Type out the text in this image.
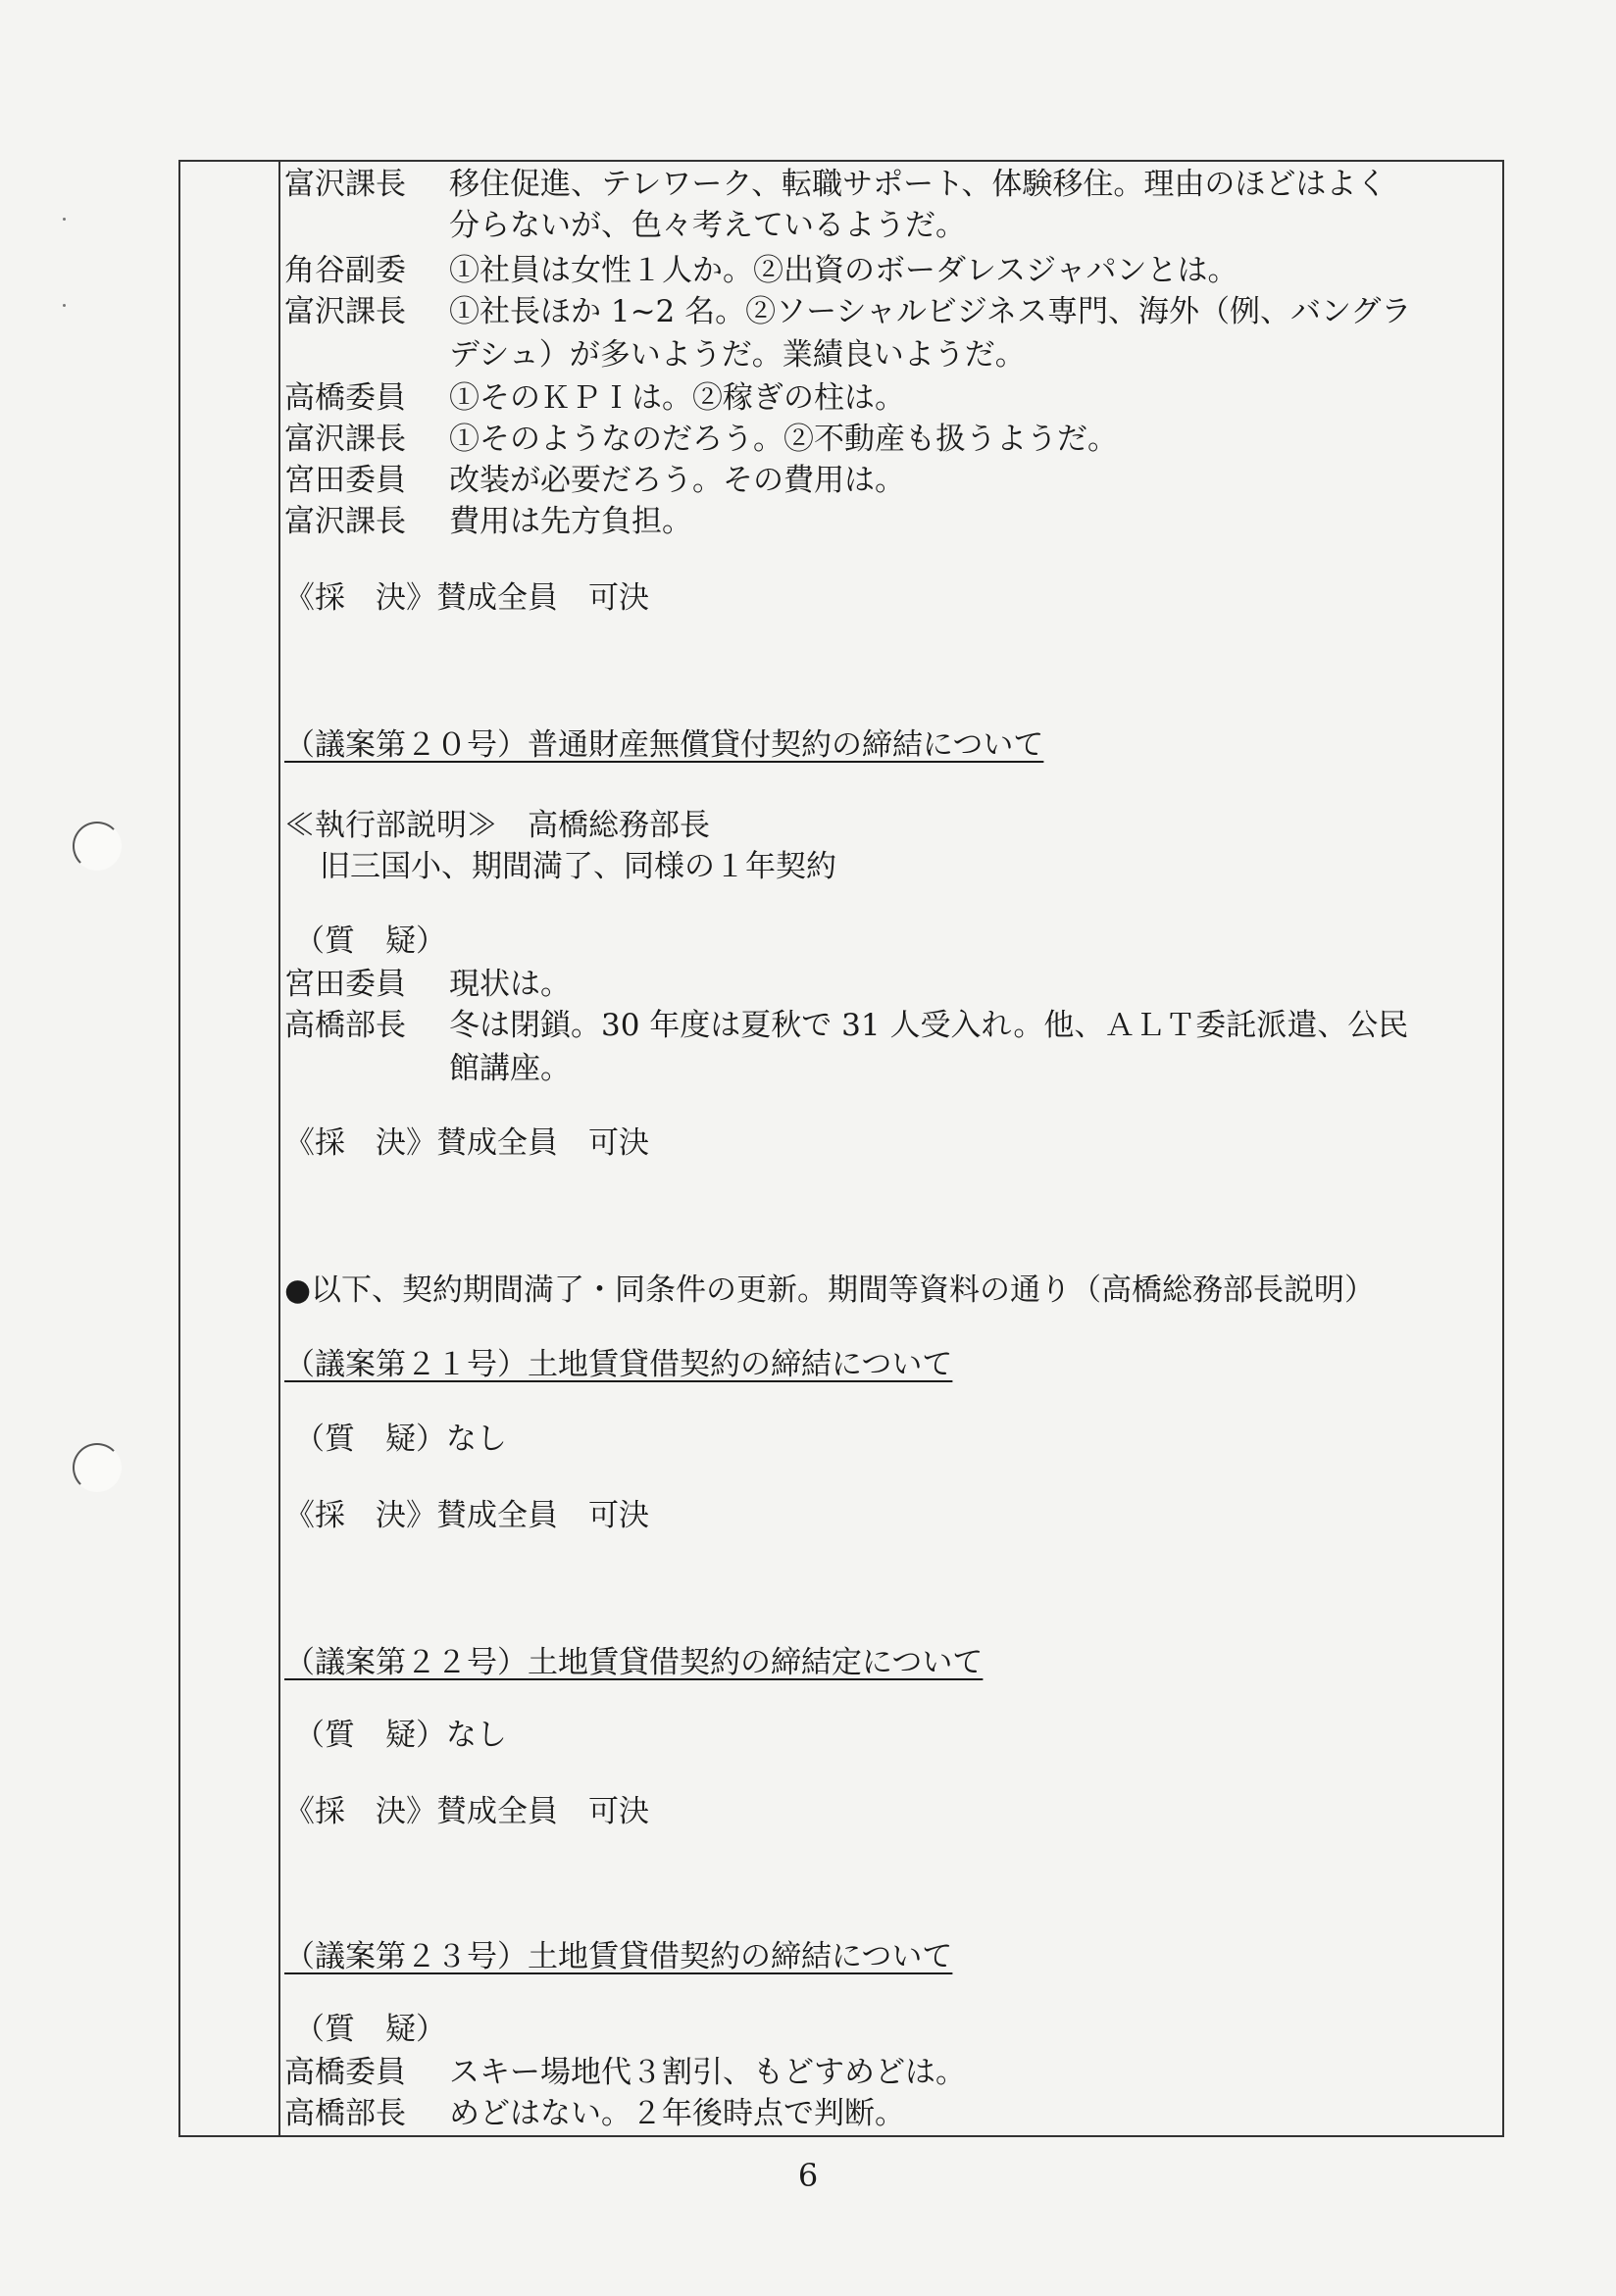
富沢課長 移住促進、テレワーク、転職サポート、体験移住。理由のほどはよく
分らないが、色々考えているようだ。
角谷副委 ①社員は女性１人か。②出資のボーダレスジャパンとは。
富沢課長 ①社長ほか 1~2 名。②ソーシャルビジネス専門、海外（例、バングラ
デシュ）が多いようだ。業績良いようだ。
高橋委員 ①そのＫＰＩは。②稼ぎの柱は。
富沢課長 ①そのようなのだろう。②不動産も扱うようだ。
宮田委員 改装が必要だろう。その費用は。
富沢課長 費用は先方負担。
《採　決》賛成全員　可決
（議案第２０号）普通財産無償貸付契約の締結について
≪執行部説明≫　高橋総務部長
旧三国小、期間満了、同様の１年契約
（質　疑）
宮田委員 現状は。
高橋部長 冬は閉鎖。30 年度は夏秋で 31 人受入れ。他、ＡＬＴ委託派遣、公民
館講座。
《採　決》賛成全員　可決
●以下、契約期間満了・同条件の更新。期間等資料の通り（高橋総務部長説明）
（議案第２１号）土地賃貸借契約の締結について
（質　疑）なし
《採　決》賛成全員　可決
（議案第２２号）土地賃貸借契約の締結定について
（質　疑）なし
《採　決》賛成全員　可決
（議案第２３号）土地賃貸借契約の締結について
（質　疑）
高橋委員 スキー場地代３割引、もどすめどは。
高橋部長 めどはない。２年後時点で判断。
6
